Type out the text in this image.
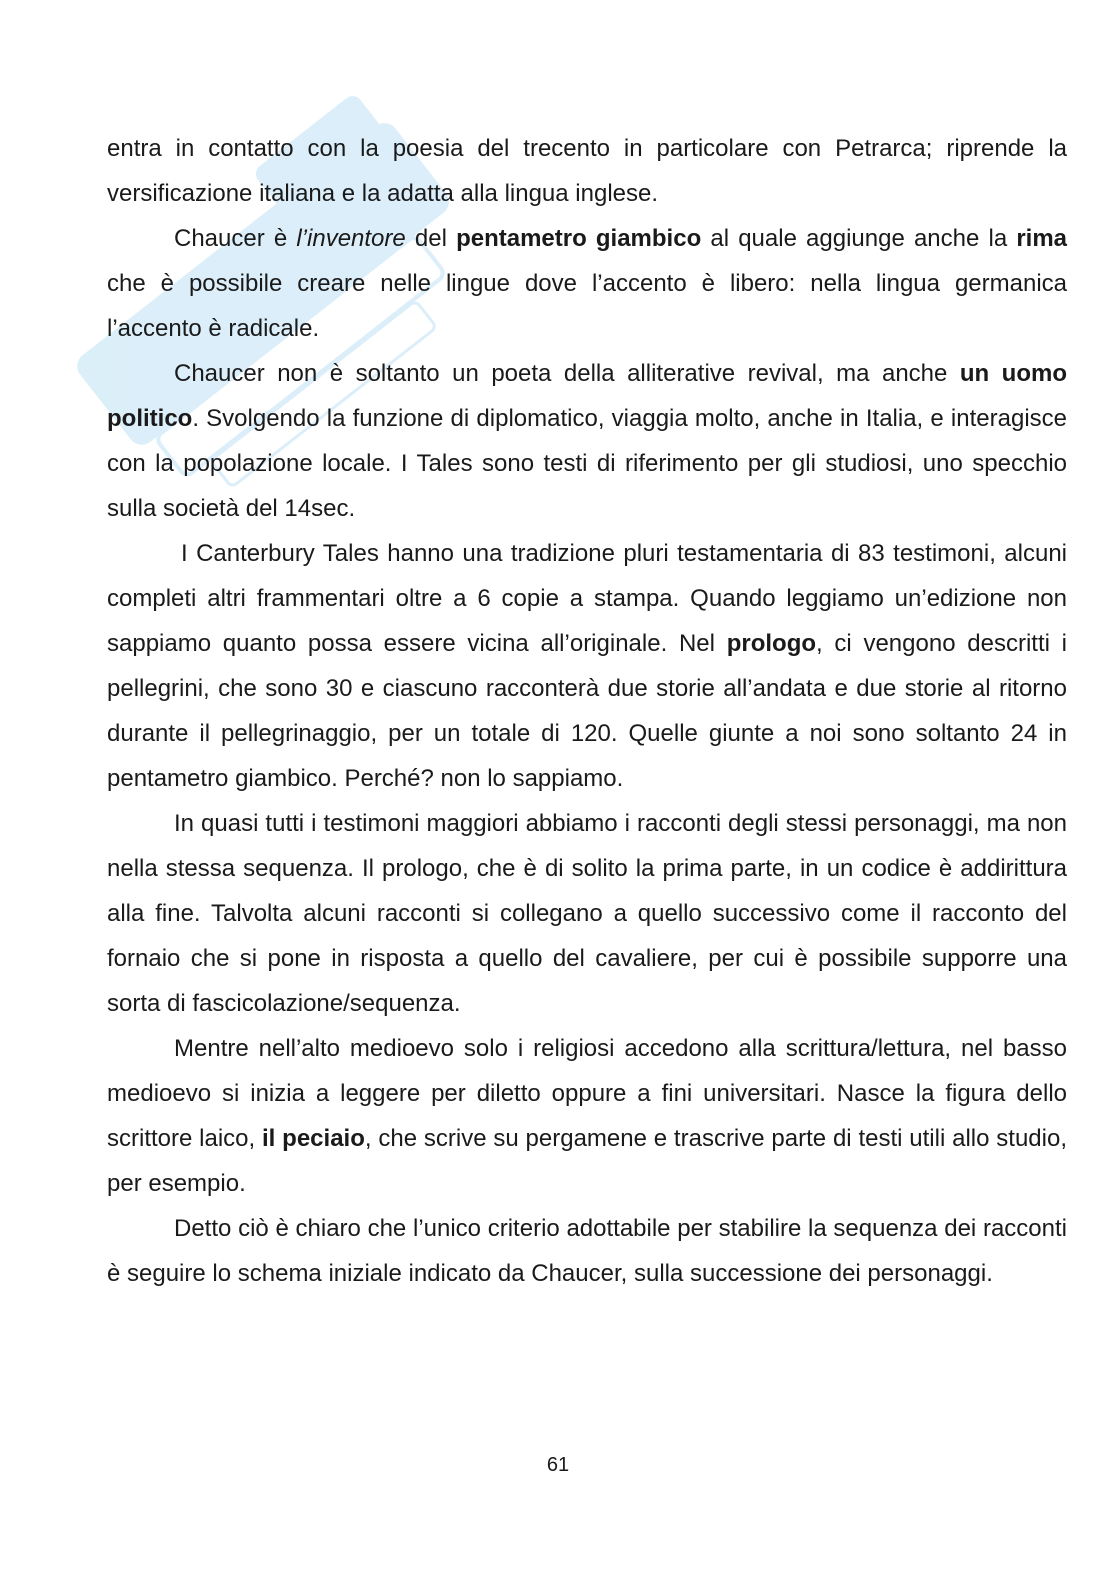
entra in contatto con la poesia del trecento in particolare con Petrarca; riprende la versificazione italiana e la adatta alla lingua inglese.

Chaucer è l’inventore del pentametro giambico al quale aggiunge anche la rima che è possibile creare nelle lingue dove l’accento è libero: nella lingua germanica l’accento è radicale.

Chaucer non è soltanto un poeta della alliterative revival, ma anche un uomo politico. Svolgendo la funzione di diplomatico, viaggia molto, anche in Italia, e interagisce con la popolazione locale. I Tales sono testi di riferimento per gli studiosi, uno specchio sulla società del 14sec.

I Canterbury Tales hanno una tradizione pluri testamentaria di 83 testimoni, alcuni completi altri frammentari oltre a 6 copie a stampa. Quando leggiamo un’edizione non sappiamo quanto possa essere vicina all’originale. Nel prologo, ci vengono descritti i pellegrini, che sono 30 e ciascuno racconterà due storie all’andata e due storie al ritorno durante il pellegrinaggio, per un totale di 120. Quelle giunte a noi sono soltanto 24 in pentametro giambico. Perché? non lo sappiamo.

In quasi tutti i testimoni maggiori abbiamo i racconti degli stessi personaggi, ma non nella stessa sequenza. Il prologo, che è di solito la prima parte, in un codice è addirittura alla fine. Talvolta alcuni racconti si collegano a quello successivo come il racconto del fornaio che si pone in risposta a quello del cavaliere, per cui è possibile supporre una sorta di fascicolazione/sequenza.

Mentre nell’alto medioevo solo i religiosi accedono alla scrittura/lettura, nel basso medioevo si inizia a leggere per diletto oppure a fini universitari. Nasce la figura dello scrittore laico, il peciaio, che scrive su pergamene e trascrive parte di testi utili allo studio, per esempio.

Detto ciò è chiaro che l’unico criterio adottabile per stabilire la sequenza dei racconti è seguire lo schema iniziale indicato da Chaucer, sulla successione dei personaggi.

61
